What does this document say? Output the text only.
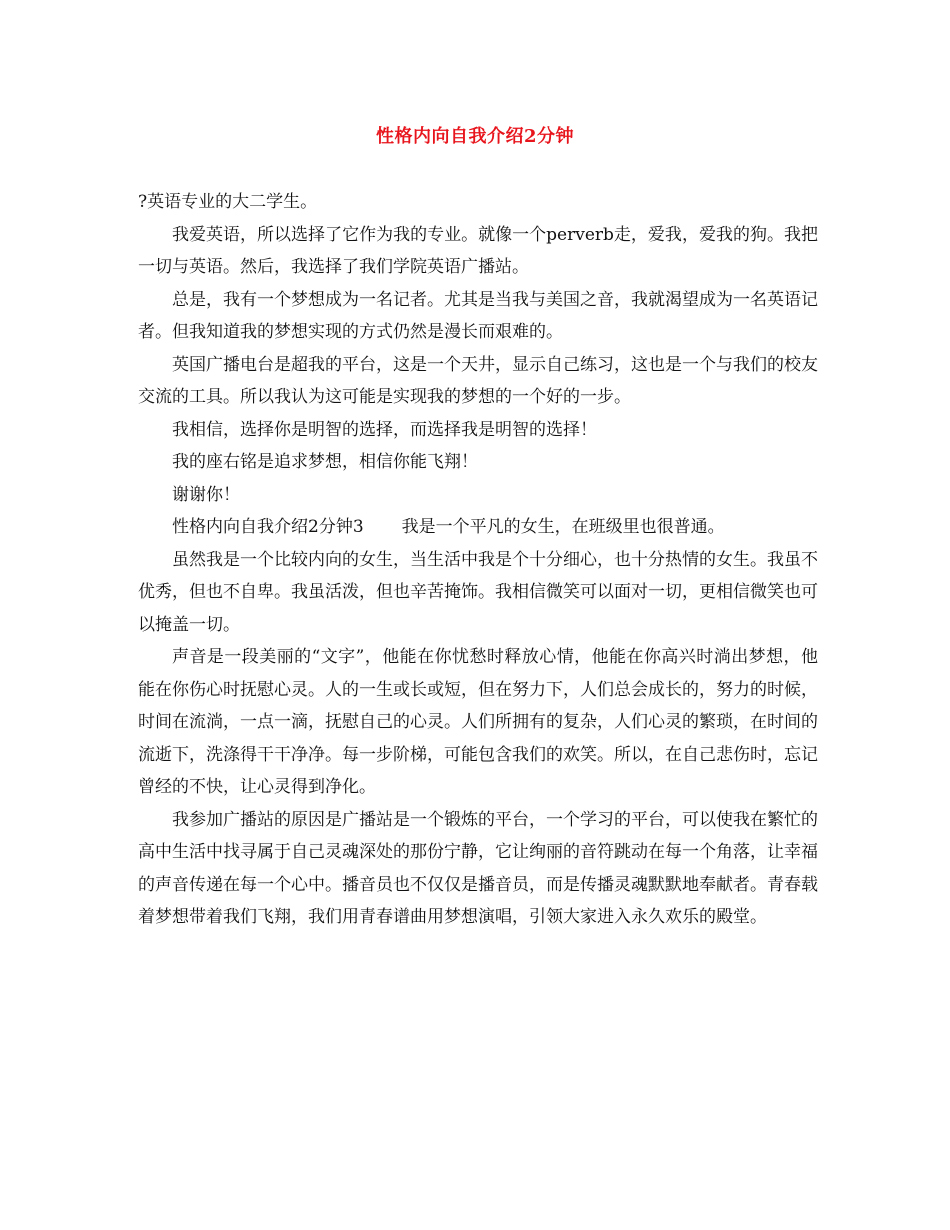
性格内向自我介绍2分钟

?英语专业的大二学生。

我爱英语，所以选择了它作为我的专业。就像一个perverb走，爱我，爱我的狗。我把一切与英语。然后，我选择了我们学院英语广播站。

总是，我有一个梦想成为一名记者。尤其是当我与美国之音，我就渴望成为一名英语记者。但我知道我的梦想实现的方式仍然是漫长而艰难的。

英国广播电台是超我的平台，这是一个天井，显示自己练习，这也是一个与我们的校友交流的工具。所以我认为这可能是实现我的梦想的一个好的一步。

我相信，选择你是明智的选择，而选择我是明智的选择！

我的座右铭是追求梦想，相信你能飞翔！

谢谢你！

性格内向自我介绍2分钟3 我是一个平凡的女生，在班级里也很普通。

虽然我是一个比较内向的女生，当生活中我是个十分细心，也十分热情的女生。我虽不优秀，但也不自卑。我虽活泼，但也辛苦掩饰。我相信微笑可以面对一切，更相信微笑也可以掩盖一切。

声音是一段美丽的“文字”，他能在你忧愁时释放心情，他能在你高兴时淌出梦想，他能在你伤心时抚慰心灵。人的一生或长或短，但在努力下，人们总会成长的，努力的时候，时间在流淌，一点一滴，抚慰自己的心灵。人们所拥有的复杂，人们心灵的繁琐，在时间的流逝下，洗涤得干干净净。每一步阶梯，可能包含我们的欢笑。所以，在自己悲伤时，忘记曾经的不快，让心灵得到净化。

我参加广播站的原因是广播站是一个锻炼的平台，一个学习的平台，可以使我在繁忙的高中生活中找寻属于自己灵魂深处的那份宁静，它让绚丽的音符跳动在每一个角落，让幸福的声音传递在每一个心中。播音员也不仅仅是播音员，而是传播灵魂默默地奉献者。青春载着梦想带着我们飞翔，我们用青春谱曲用梦想演唱，引领大家进入永久欢乐的殿堂。
